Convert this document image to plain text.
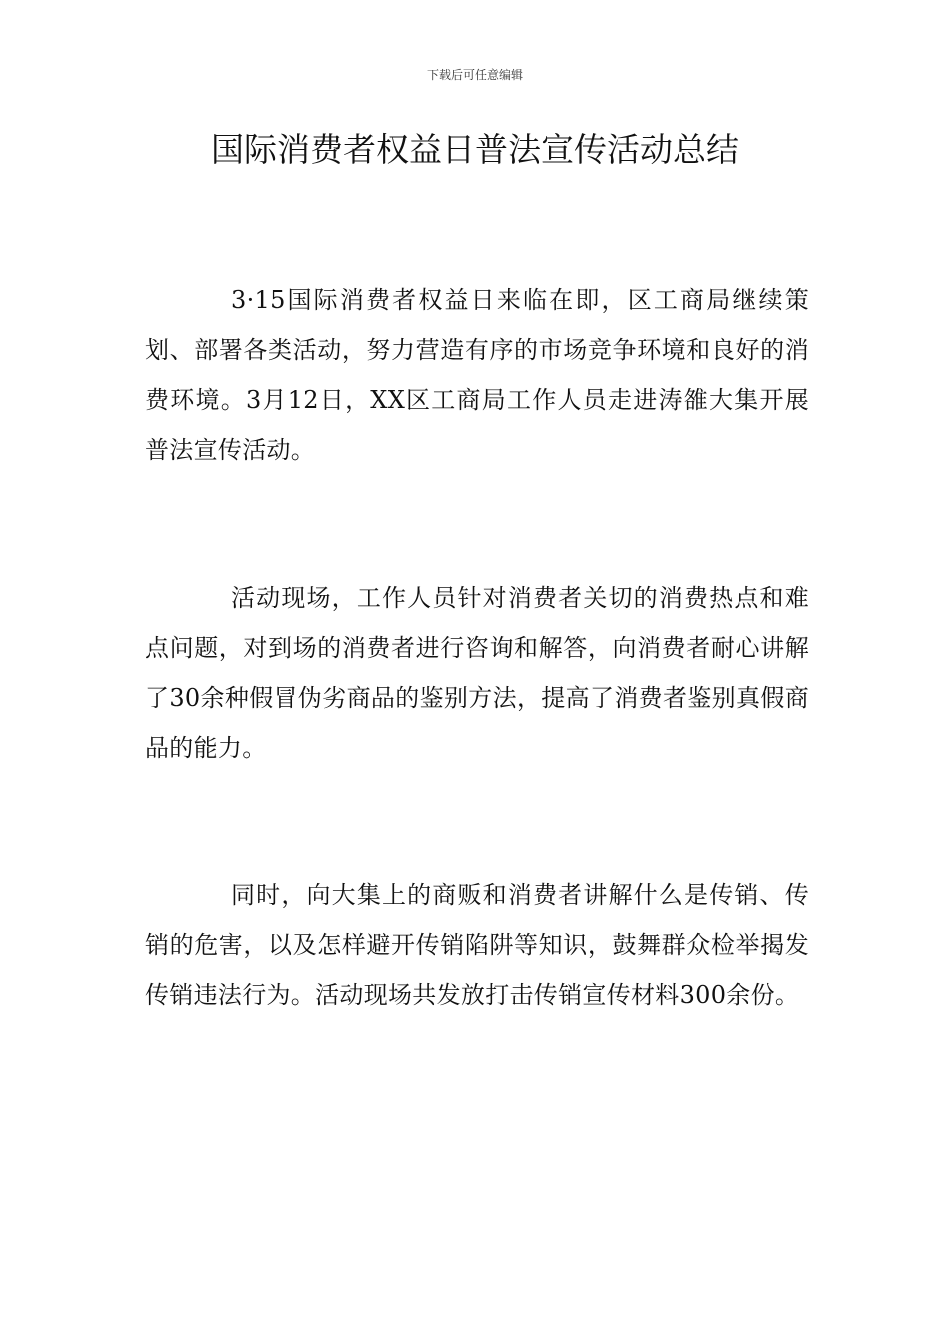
下载后可任意编辑
国际消费者权益日普法宣传活动总结

3·15国际消费者权益日来临在即，区工商局继续策划、部署各类活动，努力营造有序的市场竞争环境和良好的消费环境。3月12日，XX区工商局工作人员走进涛雒大集开展普法宣传活动。

活动现场，工作人员针对消费者关切的消费热点和难点问题，对到场的消费者进行咨询和解答，向消费者耐心讲解了30余种假冒伪劣商品的鉴别方法，提高了消费者鉴别真假商品的能力。

同时，向大集上的商贩和消费者讲解什么是传销、传销的危害，以及怎样避开传销陷阱等知识，鼓舞群众检举揭发传销违法行为。活动现场共发放打击传销宣传材料300余份。
